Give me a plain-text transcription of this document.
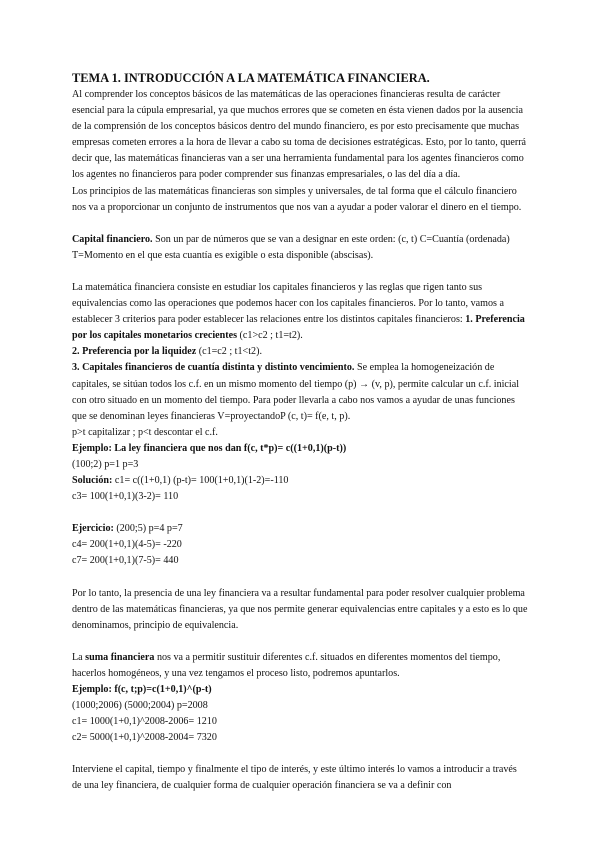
TEMA 1. INTRODUCCIÓN A LA MATEMÁTICA FINANCIERA.

Al comprender los conceptos básicos de las matemáticas de las operaciones financieras resulta de carácter esencial para la cúpula empresarial, ya que muchos errores que se cometen en ésta vienen dados por la ausencia de la comprensión de los conceptos básicos dentro del mundo financiero, es por esto precisamente que muchas empresas cometen errores a la hora de llevar a cabo su toma de decisiones estratégicas. Esto, por lo tanto, querrá decir que, las matemáticas financieras van a ser una herramienta fundamental para los agentes financieros como los agentes no financieros para poder comprender sus finanzas empresariales, o las del día a día.

Los principios de las matemáticas financieras son simples y universales, de tal forma que el cálculo financiero nos va a proporcionar un conjunto de instrumentos que nos van a ayudar a poder valorar el dinero en el tiempo.

Capital financiero. Son un par de números que se van a designar en este orden: (c, t) C=Cuantía (ordenada)

T=Momento en el que esta cuantía es exigible o esta disponible (abscisas).

La matemática financiera consiste en estudiar los capitales financieros y las reglas que rigen tanto sus equivalencias como las operaciones que podemos hacer con los capitales financieros. Por lo tanto, vamos a establecer 3 criterios para poder establecer las relaciones entre los distintos capitales financieros: 1. Preferencia por los capitales monetarios crecientes (c1>c2 ; t1=t2).

2. Preferencia por la liquidez (c1=c2 ; t1<t2).

3. Capitales financieros de cuantía distinta y distinto vencimiento. Se emplea la homogeneización de capitales, se sitúan todos los c.f. en un mismo momento del tiempo (p) → (v, p), permite calcular un c.f. inicial con otro situado en un momento del tiempo. Para poder llevarla a cabo nos vamos a ayudar de unas funciones que se denominan leyes financieras V=proyectandoP (c, t)= f(e, t, p).

p>t capitalizar ; p<t descontar el c.f.

Ejemplo: La ley financiera que nos dan f(c, t*p)= c((1+0,1)(p-t))

(100;2) p=1 p=3

Solución: c1= c((1+0,1) (p-t)= 100(1+0,1)(1-2)=-110

c3= 100(1+0,1)(3-2)= 110

Ejercicio: (200;5) p=4 p=7

c4= 200(1+0,1)(4-5)= -220

c7= 200(1+0,1)(7-5)= 440

Por lo tanto, la presencia de una ley financiera va a resultar fundamental para poder resolver cualquier problema dentro de las matemáticas financieras, ya que nos permite generar equivalencias entre capitales y a esto es lo que denominamos, principio de equivalencia.

La suma financiera nos va a permitir sustituir diferentes c.f. situados en diferentes momentos del tiempo, hacerlos homogéneos, y una vez tengamos el proceso listo, podremos apuntarlos.

Ejemplo: f(c, t;p)=c(1+0,1)^(p-t)

(1000;2006) (5000;2004) p=2008

c1= 1000(1+0,1)^2008-2006= 1210

c2= 5000(1+0,1)^2008-2004= 7320

Interviene el capital, tiempo y finalmente el tipo de interés, y este último interés lo vamos a introducir a través de una ley financiera, de cualquier forma de cualquier operación financiera se va a definir con
